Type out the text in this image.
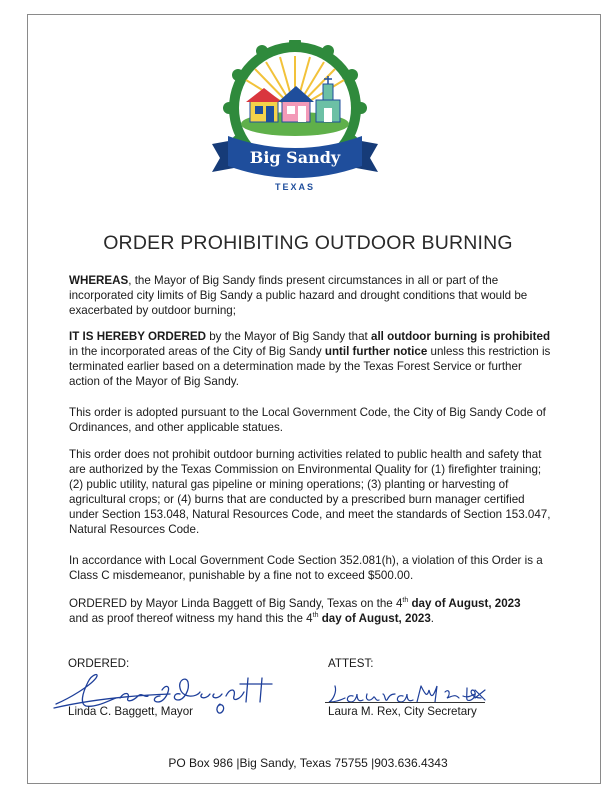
Big Sandy
TEXAS
ORDER PROHIBITING OUTDOOR BURNING

WHEREAS, the Mayor of Big Sandy finds present circumstances in all or part of the incorporated city limits of Big Sandy a public hazard and drought conditions that would be exacerbated by outdoor burning;

IT IS HEREBY ORDERED by the Mayor of Big Sandy that all outdoor burning is prohibited in the incorporated areas of the City of Big Sandy until further notice unless this restriction is terminated earlier based on a determination made by the Texas Forest Service or further action of the Mayor of Big Sandy.

This order is adopted pursuant to the Local Government Code, the City of Big Sandy Code of Ordinances, and other applicable statues.

This order does not prohibit outdoor burning activities related to public health and safety that are authorized by the Texas Commission on Environmental Quality for (1) firefighter training; (2) public utility, natural gas pipeline or mining operations; (3) planting or harvesting of agricultural crops; or (4) burns that are conducted by a prescribed burn manager certified under Section 153.048, Natural Resources Code, and meet the standards of Section 153.047, Natural Resources Code.

In accordance with Local Government Code Section 352.081(h), a violation of this Order is a Class C misdemeanor, punishable by a fine not to exceed $500.00.

ORDERED by Mayor Linda Baggett of Big Sandy, Texas on the 4th day of August, 2023
and as proof thereof witness my hand this the 4th day of August, 2023.

ORDERED:	ATTEST:
Linda C. Baggett, Mayor	Laura M. Rex, City Secretary
PO Box 986 |Big Sandy, Texas 75755 |903.636.4343
